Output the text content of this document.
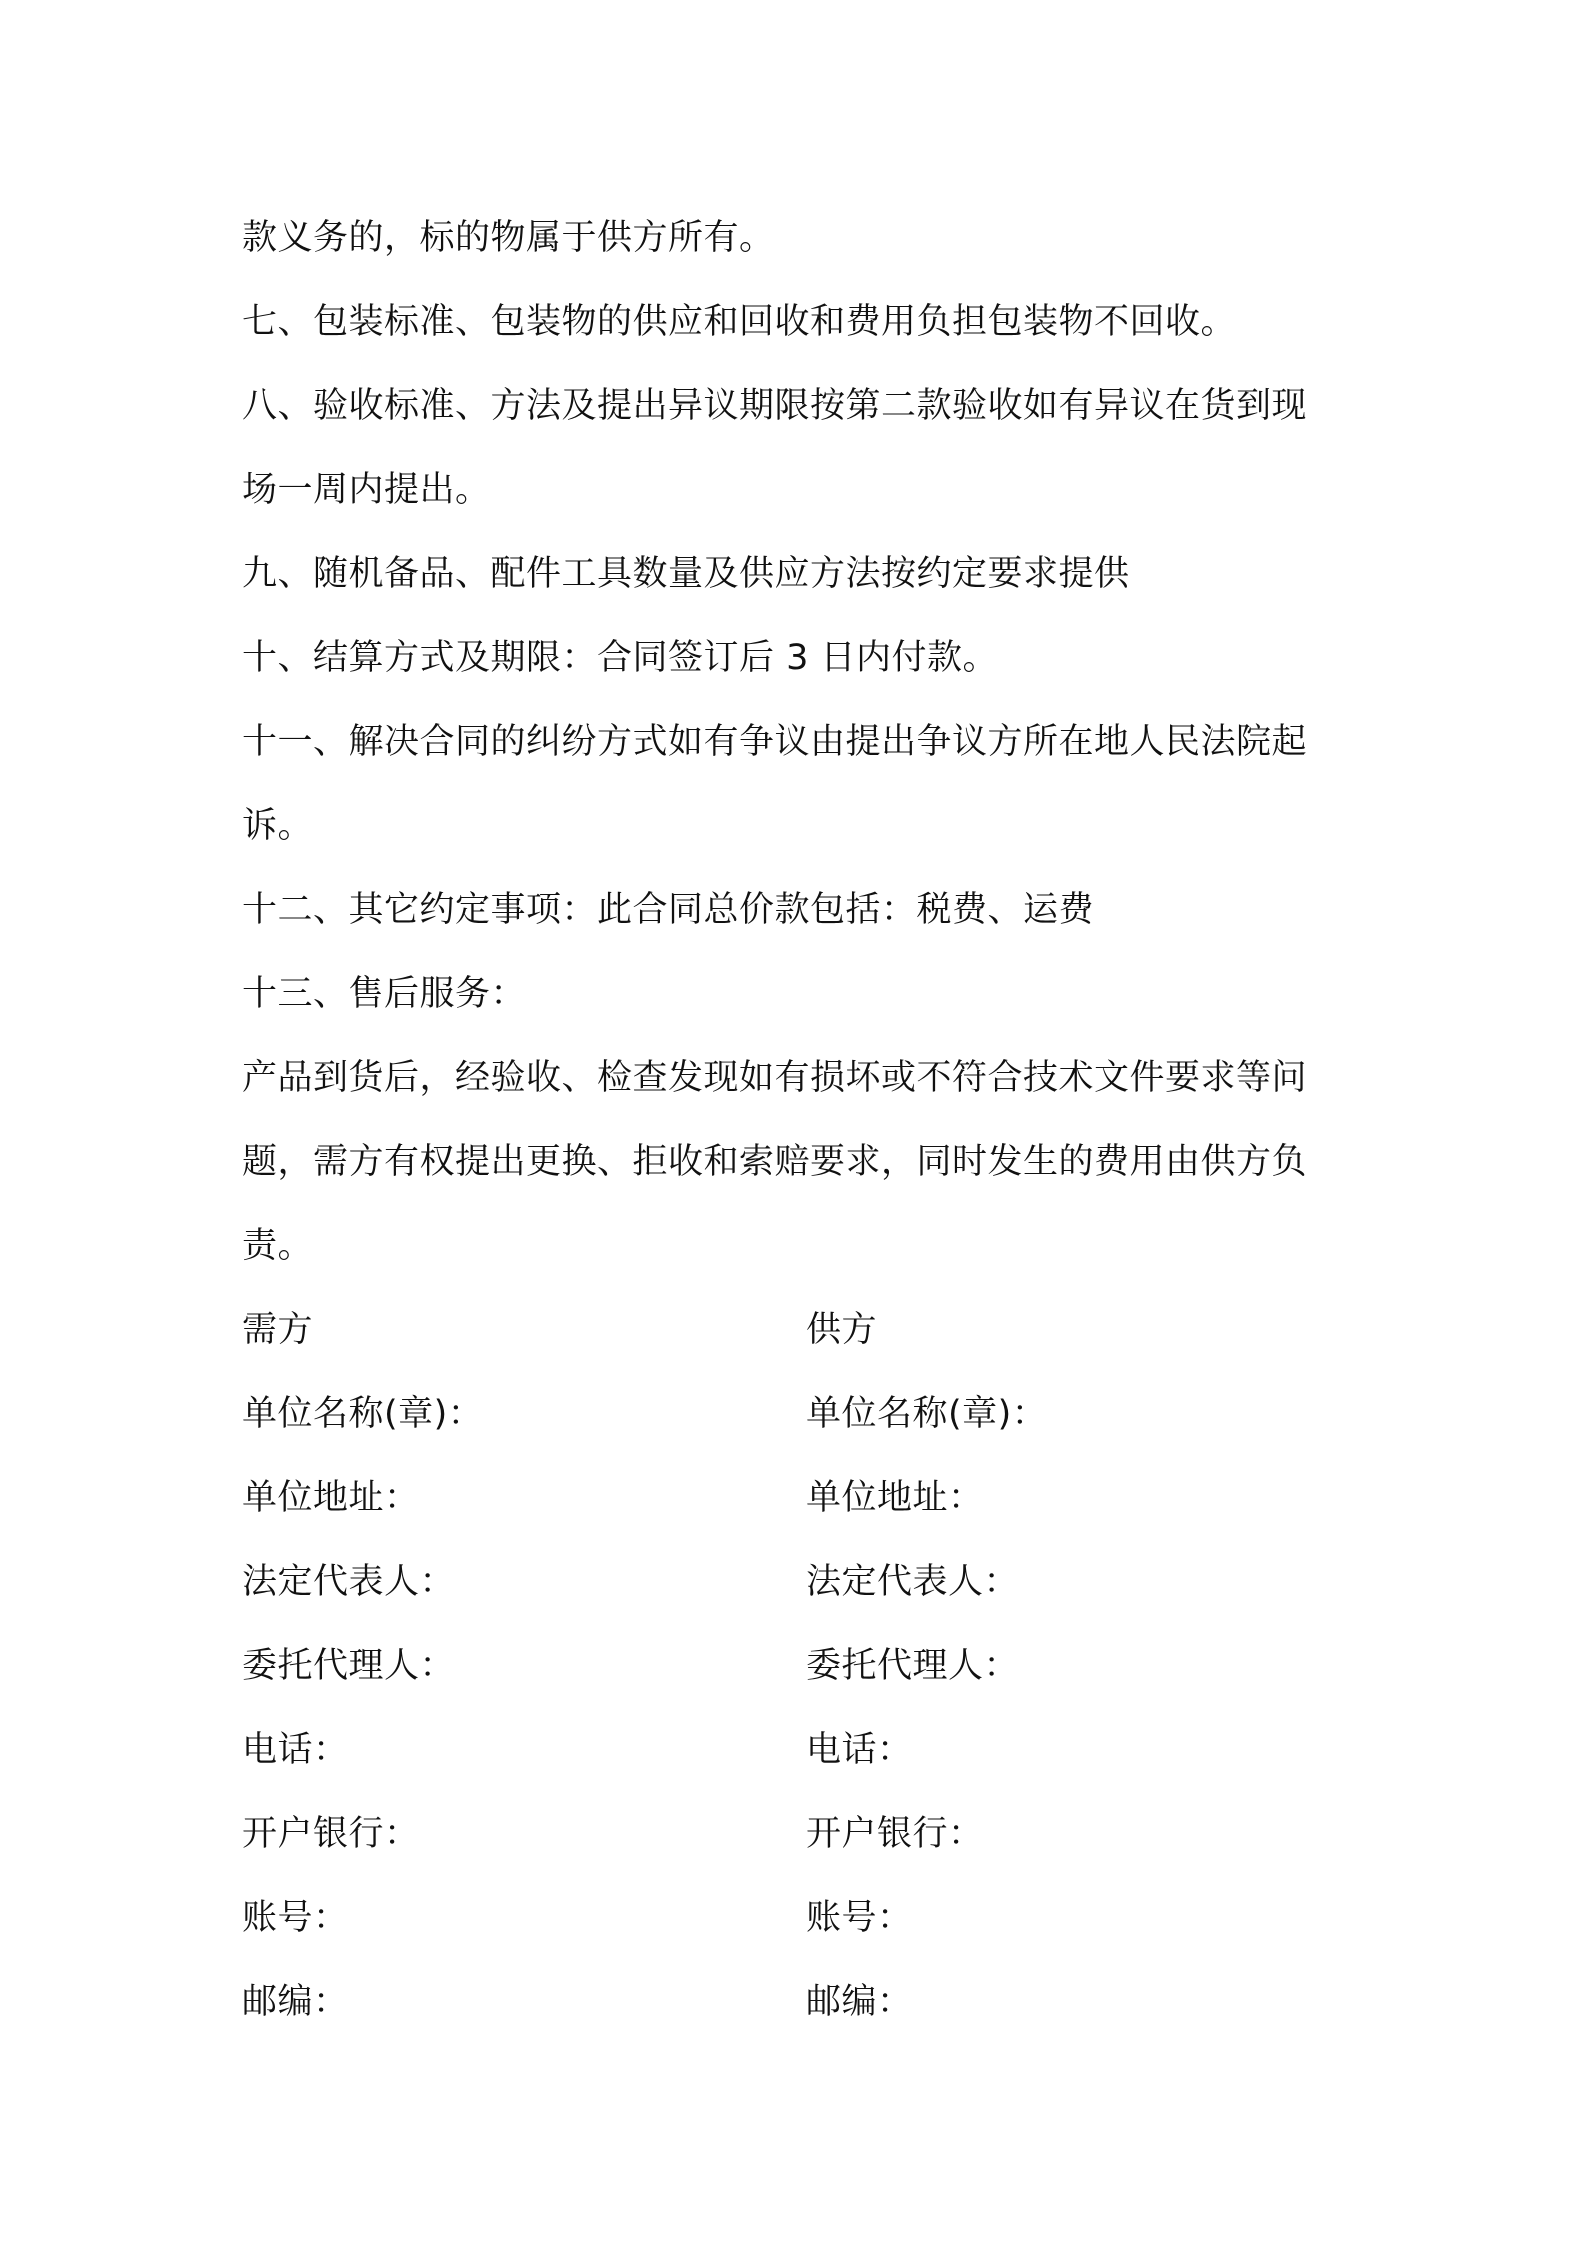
款义务的，标的物属于供方所有。
七、包装标准、包装物的供应和回收和费用负担包装物不回收。
八、验收标准、方法及提出异议期限按第二款验收如有异议在货到现
场一周内提出。
九、随机备品、配件工具数量及供应方法按约定要求提供
十、结算方式及期限：合同签订后 3 日内付款。
十一、解决合同的纠纷方式如有争议由提出争议方所在地人民法院起
诉。
十二、其它约定事项：此合同总价款包括：税费、运费
十三、售后服务：
产品到货后，经验收、检查发现如有损坏或不符合技术文件要求等问
题，需方有权提出更换、拒收和索赔要求，同时发生的费用由供方负
责。
需方	供方
单位名称(章)：	单位名称(章)：
单位地址：	单位地址：
法定代表人：	法定代表人：
委托代理人：	委托代理人：
电话：	电话：
开户银行：	开户银行：
账号：	账号：
邮编：	邮编：
